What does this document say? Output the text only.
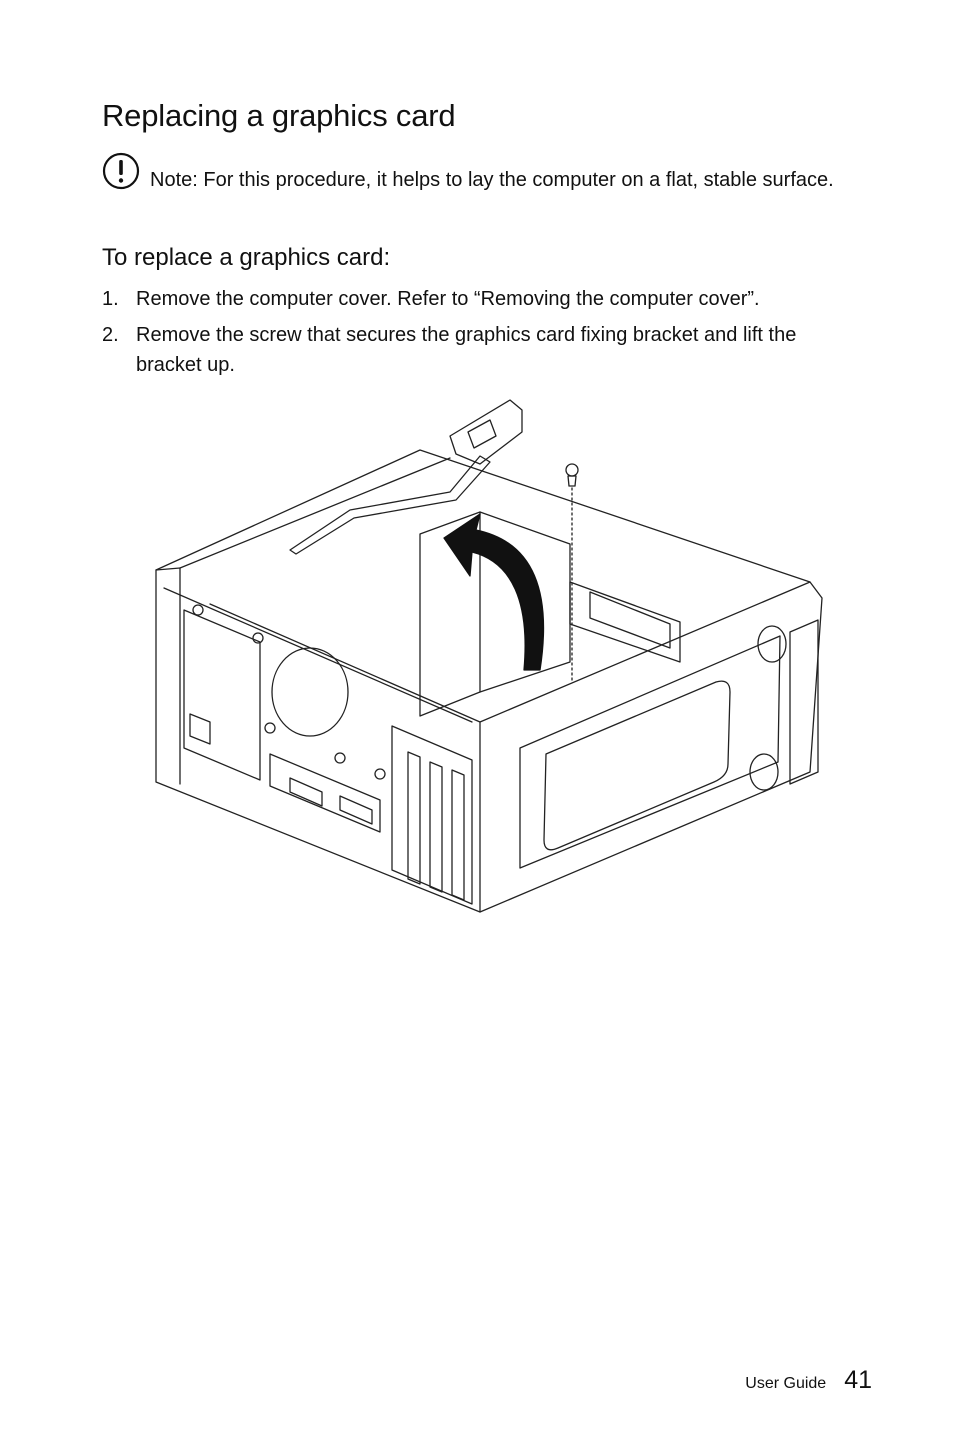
Replacing a graphics card
Note: For this procedure, it helps to lay the computer on a flat, stable surface.
To replace a graphics card:
1. Remove the computer cover. Refer to “Removing the computer cover”.
2. Remove the screw that secures the graphics card fixing bracket and lift the bracket up.
User Guide 41
